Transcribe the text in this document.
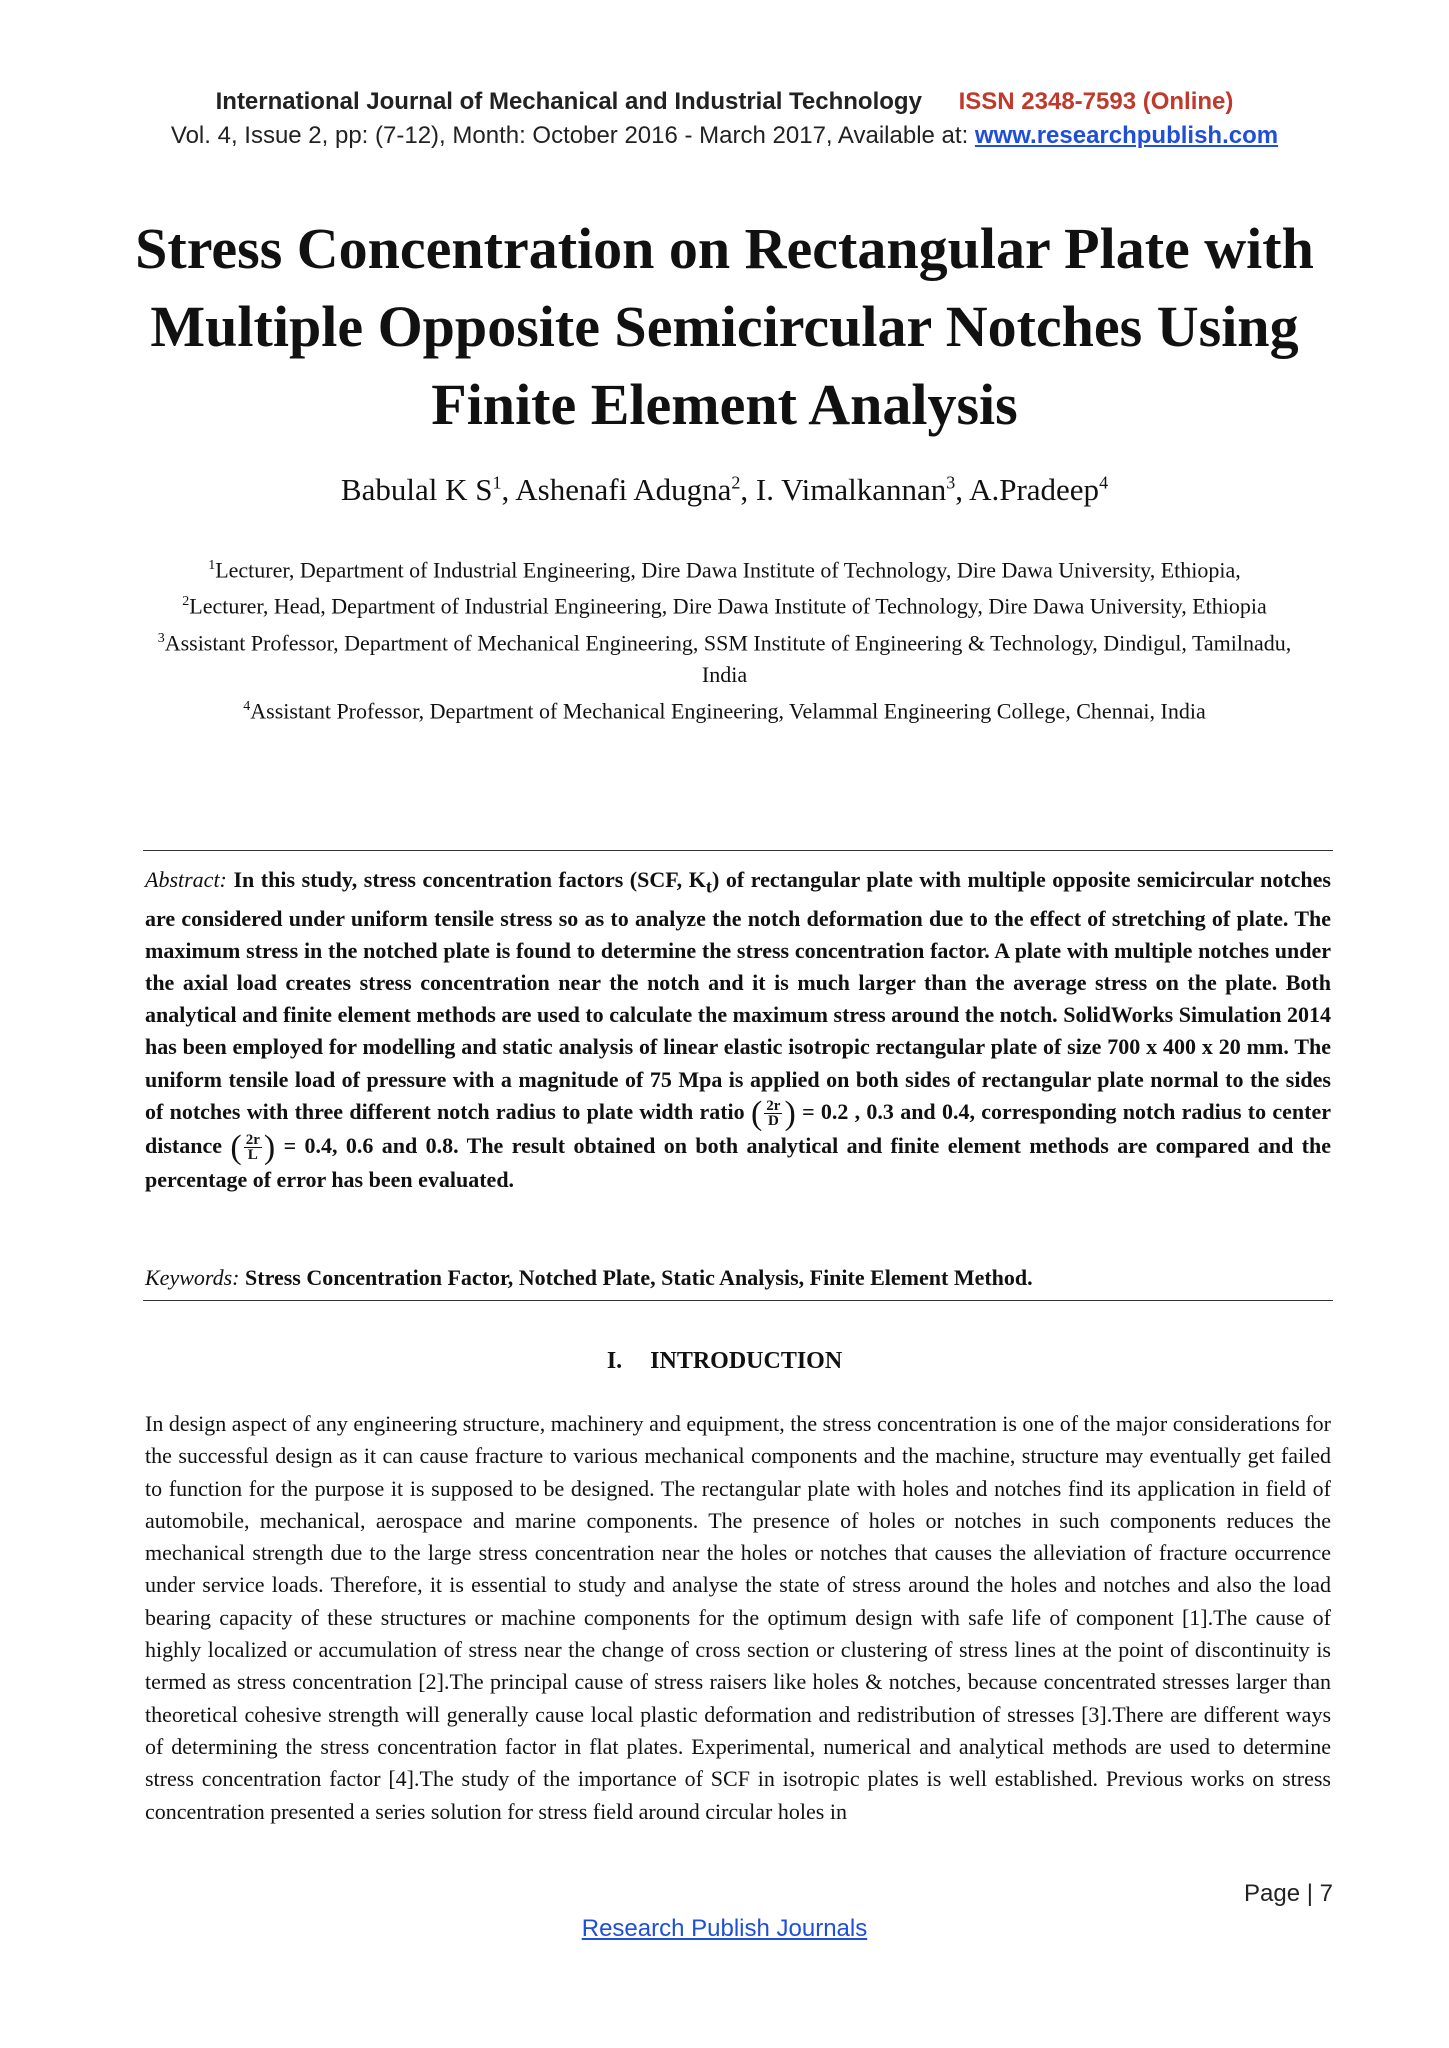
International Journal of Mechanical and Industrial Technology ISSN 2348-7593 (Online)
Vol. 4, Issue 2, pp: (7-12), Month: October 2016 - March 2017, Available at: www.researchpublish.com
Stress Concentration on Rectangular Plate with Multiple Opposite Semicircular Notches Using Finite Element Analysis
Babulal K $S^1$, Ashenafi Adugna$^2$, I. Vimalkannan$^3$, A.Pradeep$^4$
$^1$Lecturer, Department of Industrial Engineering, Dire Dawa Institute of Technology, Dire Dawa University, Ethiopia,
$^2$Lecturer, Head, Department of Industrial Engineering, Dire Dawa Institute of Technology, Dire Dawa University, Ethiopia
$^3$Assistant Professor, Department of Mechanical Engineering, SSM Institute of Engineering & Technology, Dindigul, Tamilnadu, India
$^4$Assistant Professor, Department of Mechanical Engineering, Velammal Engineering College, Chennai, India
Abstract: In this study, stress concentration factors (SCF, $K_t$) of rectangular plate with multiple opposite semicircular notches are considered under uniform tensile stress so as to analyze the notch deformation due to the effect of stretching of plate. The maximum stress in the notched plate is found to determine the stress concentration factor. A plate with multiple notches under the axial load creates stress concentration near the notch and it is much larger than the average stress on the plate. Both analytical and finite element methods are used to calculate the maximum stress around the notch. SolidWorks Simulation 2014 has been employed for modelling and static analysis of linear elastic isotropic rectangular plate of size 700 x 400 x 20 mm. The uniform tensile load of pressure with a magnitude of 75 Mpa is applied on both sides of rectangular plate normal to the sides of notches with three different notch radius to plate width ratio ( $\frac{2r}{D}$ ) = 0.2 , 0.3 and 0.4, corresponding notch radius to center distance ( $\frac{2r}{L}$ ) = 0.4, 0.6 and 0.8. The result obtained on both analytical and finite element methods are compared and the percentage of error has been evaluated.
Keywords: Stress Concentration Factor, Notched Plate, Static Analysis, Finite Element Method.
I. INTRODUCTION
In design aspect of any engineering structure, machinery and equipment, the stress concentration is one of the major considerations for the successful design as it can cause fracture to various mechanical components and the machine, structure may eventually get failed to function for the purpose it is supposed to be designed. The rectangular plate with holes and notches find its application in field of automobile, mechanical, aerospace and marine components. The presence of holes or notches in such components reduces the mechanical strength due to the large stress concentration near the holes or notches that causes the alleviation of fracture occurrence under service loads. Therefore, it is essential to study and analyse the state of stress around the holes and notches and also the load bearing capacity of these structures or machine components for the optimum design with safe life of component [1].The cause of highly localized or accumulation of stress near the change of cross section or clustering of stress lines at the point of discontinuity is termed as stress concentration [2].The principal cause of stress raisers like holes & notches, because concentrated stresses larger than theoretical cohesive strength will generally cause local plastic deformation and redistribution of stresses [3].There are different ways of determining the stress concentration factor in flat plates. Experimental, numerical and analytical methods are used to determine stress concentration factor [4].The study of the importance of SCF in isotropic plates is well established. Previous works on stress concentration presented a series solution for stress field around circular holes in
Page | 7
Research Publish Journals
